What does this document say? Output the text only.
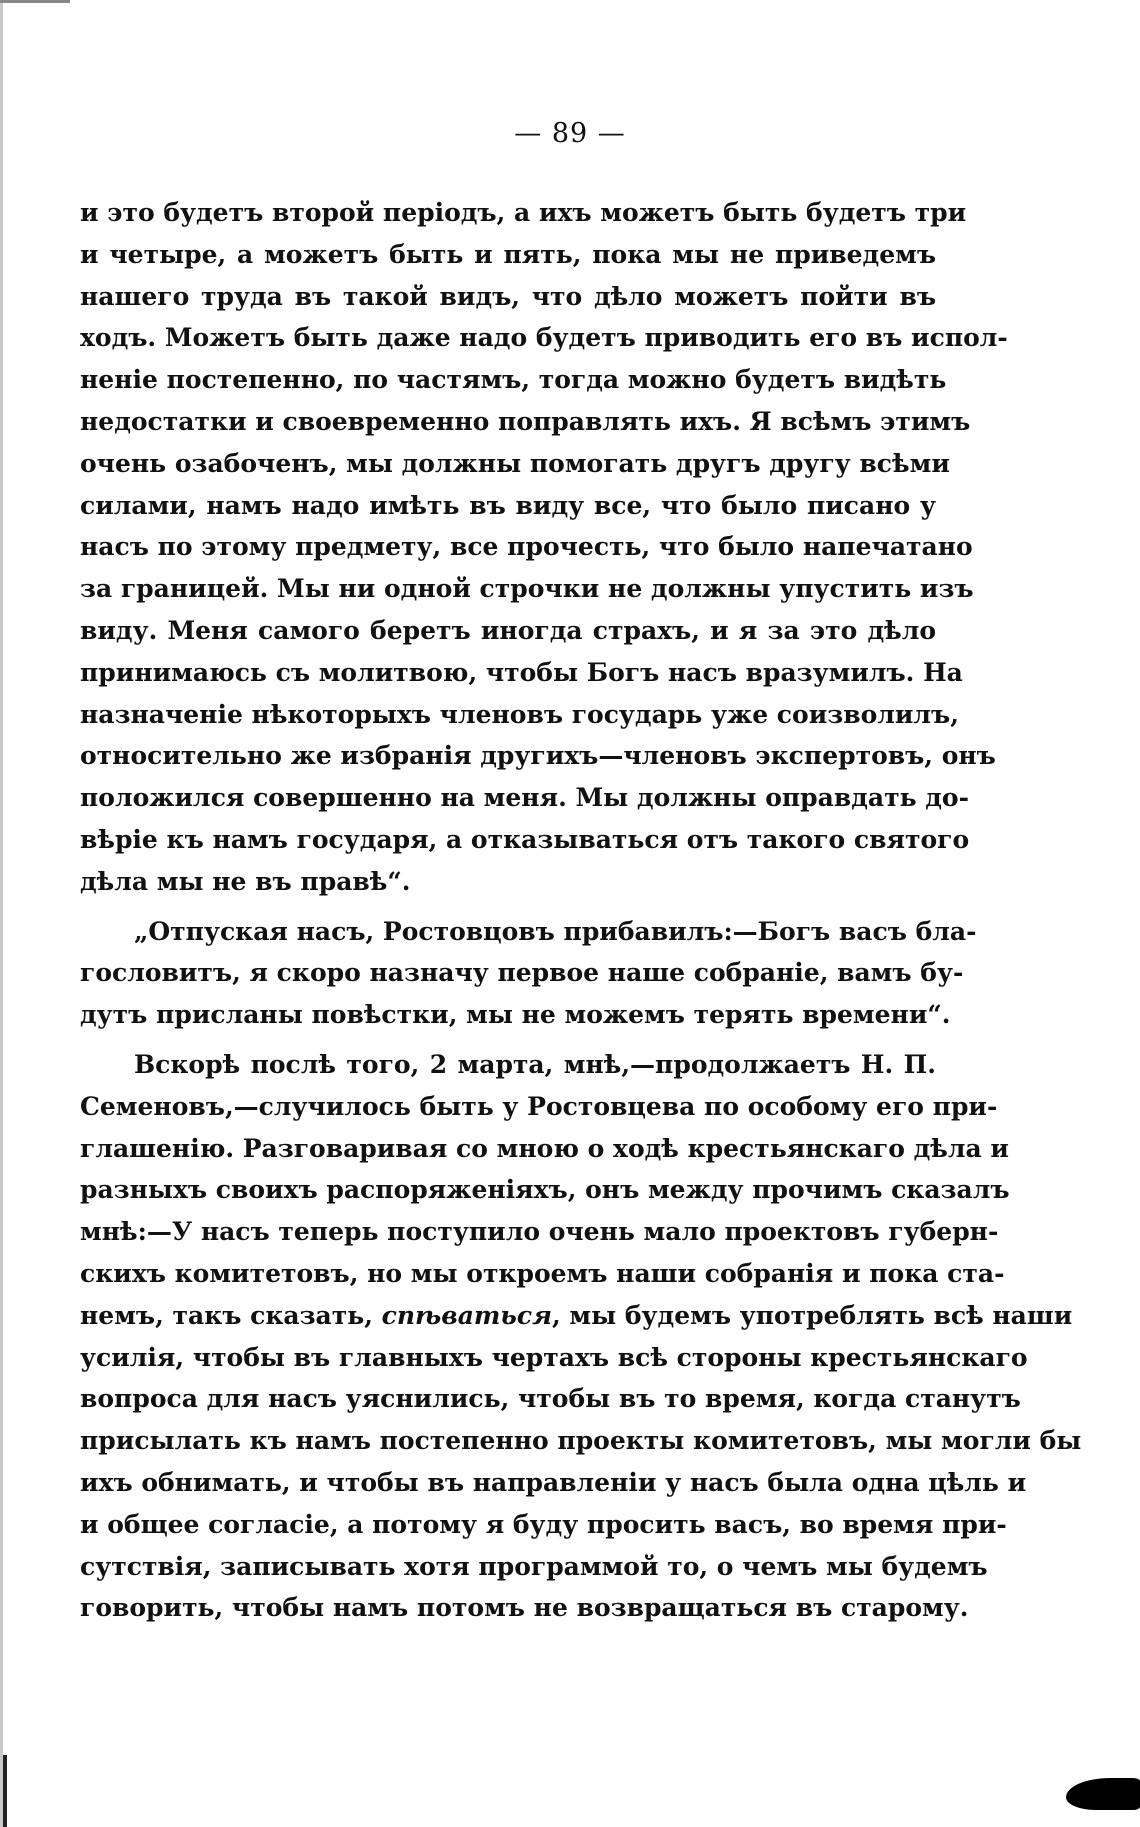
— 89 —
и это будетъ второй періодъ, а ихъ можетъ быть будетъ три
и четыре, а можетъ быть и пять, пока мы не приведемъ
нашего труда въ такой видъ, что дѣло можетъ пойти въ
ходъ. Можетъ быть даже надо будетъ приводить его въ испол-
неніе постепенно, по частямъ, тогда можно будетъ видѣть
недостатки и своевременно поправлять ихъ. Я всѣмъ этимъ
очень озабоченъ, мы должны помогать другъ другу всѣми
силами, намъ надо имѣть въ виду все, что было писано у
насъ по этому предмету, все прочесть, что было напечатано
за границей. Мы ни одной строчки не должны упустить изъ
виду. Меня самого беретъ иногда страхъ, и я за это дѣло
принимаюсь съ молитвою, чтобы Богъ насъ вразумилъ. На
назначеніе нѣкоторыхъ членовъ государь уже соизволилъ,
относительно же избранія другихъ—членовъ экспертовъ, онъ
положился совершенно на меня. Мы должны оправдать до-
вѣріе къ намъ государя, а отказываться отъ такого святого
дѣла мы не въ правѣ“.
„Отпуская насъ, Ростовцовъ прибавилъ:—Богъ васъ бла-
гословитъ, я скоро назначу первое наше собраніе, вамъ бу-
дутъ присланы повѣстки, мы не можемъ терять времени“.
Вскорѣ послѣ того, 2 марта, мнѣ,—продолжаетъ Н. П.
Семеновъ,—случилось быть у Ростовцева по особому его при-
глашенію. Разговаривая со мною о ходѣ крестьянскаго дѣла и
разныхъ своихъ распоряженіяхъ, онъ между прочимъ сказалъ
мнѣ:—У насъ теперь поступило очень мало проектовъ губерн-
скихъ комитетовъ, но мы откроемъ наши собранія и пока ста-
немъ, такъ сказать, спѣваться, мы будемъ употреблять всѣ наши
усилія, чтобы въ главныхъ чертахъ всѣ стороны крестьянскаго
вопроса для насъ уяснились, чтобы въ то время, когда станутъ
присылать къ намъ постепенно проекты комитетовъ, мы могли бы
ихъ обнимать, и чтобы въ направленіи у насъ была одна цѣль и
и общее согласіе, а потому я буду просить васъ, во время при-
сутствія, записывать хотя программой то, о чемъ мы будемъ
говорить, чтобы намъ потомъ не возвращаться въ старому.
